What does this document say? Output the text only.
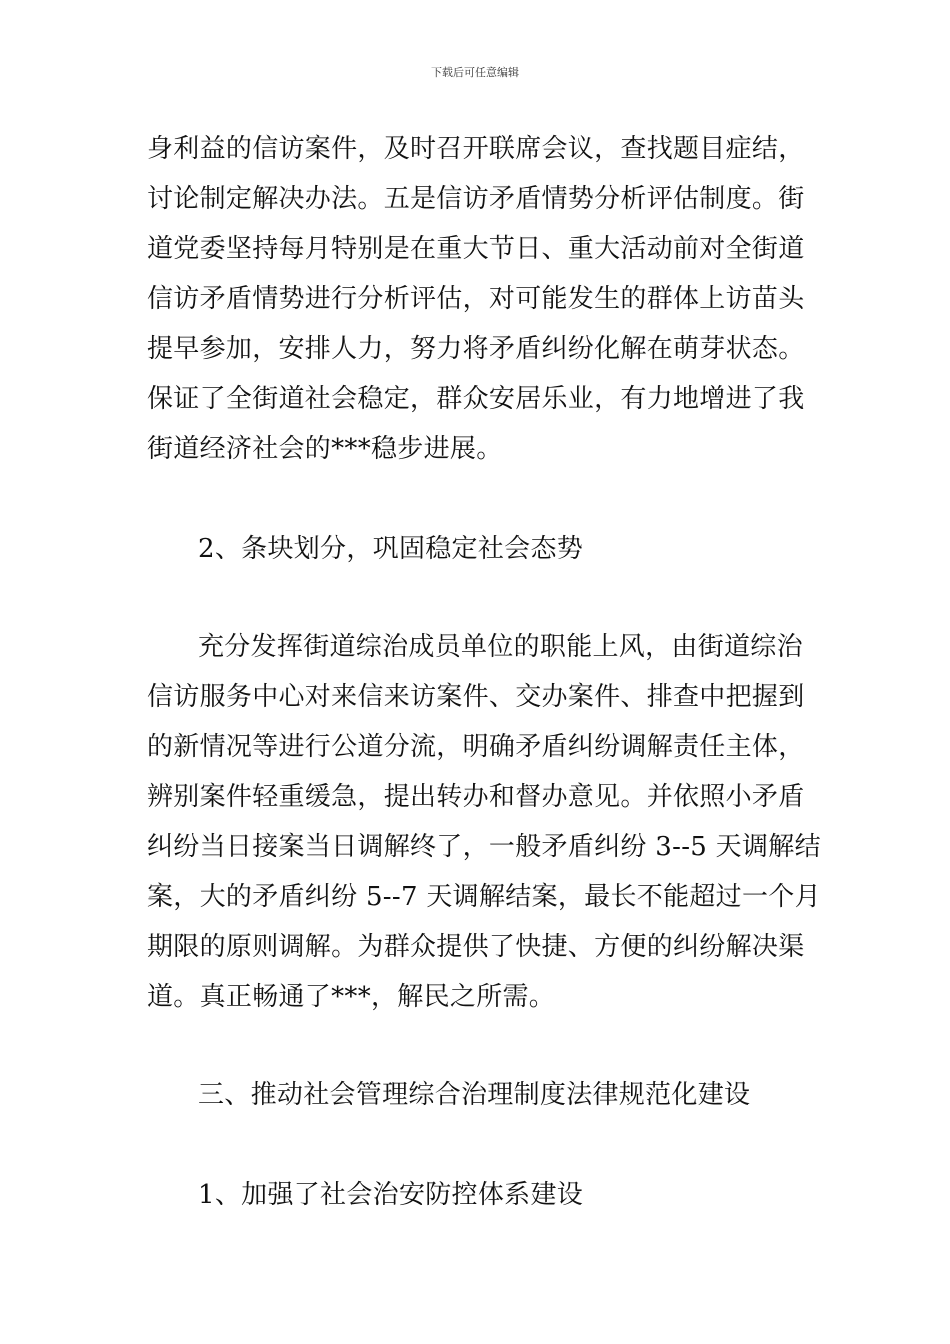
下载后可任意编辑
身利益的信访案件，及时召开联席会议，查找题目症结，
讨论制定解决办法。五是信访矛盾情势分析评估制度。街
道党委坚持每月特别是在重大节日、重大活动前对全街道
信访矛盾情势进行分析评估，对可能发生的群体上访苗头
提早参加，安排人力，努力将矛盾纠纷化解在萌芽状态。
保证了全街道社会稳定，群众安居乐业，有力地增进了我
街道经济社会的***稳步进展。
2、条块划分，巩固稳定社会态势
充分发挥街道综治成员单位的职能上风，由街道综治
信访服务中心对来信来访案件、交办案件、排查中把握到
的新情况等进行公道分流，明确矛盾纠纷调解责任主体，
辨别案件轻重缓急，提出转办和督办意见。并依照小矛盾
纠纷当日接案当日调解终了，一般矛盾纠纷 3--5 天调解结
案，大的矛盾纠纷 5--7 天调解结案，最长不能超过一个月
期限的原则调解。为群众提供了快捷、方便的纠纷解决渠
道。真正畅通了***，解民之所需。
三、推动社会管理综合治理制度法律规范化建设
1、加强了社会治安防控体系建设
